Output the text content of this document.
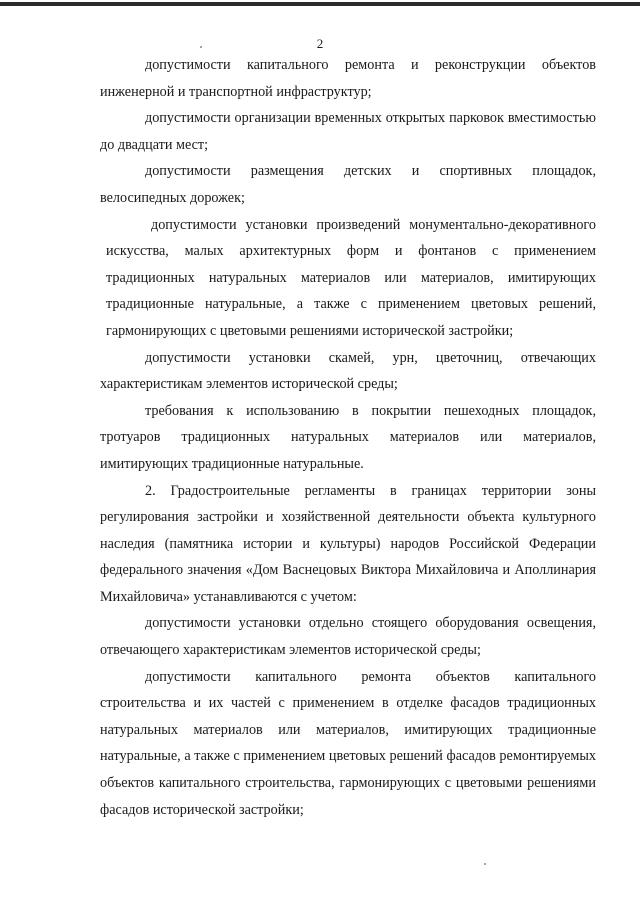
2

допустимости капитального ремонта и реконструкции объектов инженерной и транспортной инфраструктур;

допустимости организации временных открытых парковок вместимостью до двадцати мест;

допустимости размещения детских и спортивных площадок, велосипедных дорожек;

допустимости установки произведений монументально-декоративного искусства, малых архитектурных форм и фонтанов с применением традиционных натуральных материалов или материалов, имитирующих традиционные натуральные, а также с применением цветовых решений, гармонирующих с цветовыми решениями исторической застройки;

допустимости установки скамей, урн, цветочниц, отвечающих характеристикам элементов исторической среды;

требования к использованию в покрытии пешеходных площадок, тротуаров традиционных натуральных материалов или материалов, имитирующих традиционные натуральные.

2. Градостроительные регламенты в границах территории зоны регулирования застройки и хозяйственной деятельности объекта культурного наследия (памятника истории и культуры) народов Российской Федерации федерального значения «Дом Васнецовых Виктора Михайловича и Аполлинария Михайловича» устанавливаются с учетом:

допустимости установки отдельно стоящего оборудования освещения, отвечающего характеристикам элементов исторической среды;

допустимости капитального ремонта объектов капитального строительства и их частей с применением в отделке фасадов традиционных натуральных материалов или материалов, имитирующих традиционные натуральные, а также с применением цветовых решений фасадов ремонтируемых объектов капитального строительства, гармонирующих с цветовыми решениями фасадов исторической застройки;
